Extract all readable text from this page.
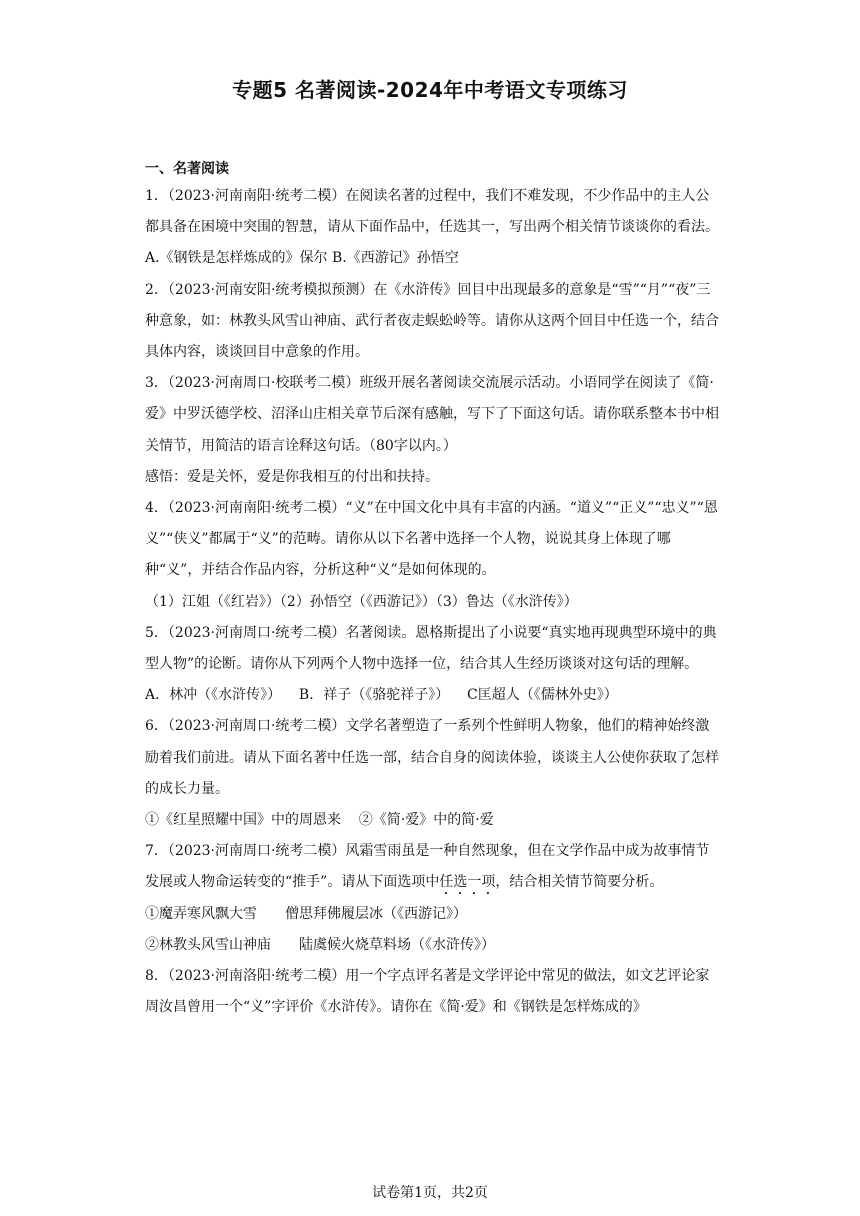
专题5 名著阅读-2024年中考语文专项练习
一、名著阅读

1．（2023·河南南阳·统考二模）在阅读名著的过程中，我们不难发现，不少作品中的主人公都具备在困境中突围的智慧，请从下面作品中，任选其一，写出两个相关情节谈谈你的看法。

A.《钢铁是怎样炼成的》保尔 B.《西游记》孙悟空

2．（2023·河南安阳·统考模拟预测）在《水浒传》回目中出现最多的意象是“雪”“月”“夜”三种意象，如：林教头风雪山神庙、武行者夜走蜈蚣岭等。请你从这两个回目中任选一个，结合具体内容，谈谈回目中意象的作用。

3．（2023·河南周口·校联考二模）班级开展名著阅读交流展示活动。小语同学在阅读了《简·爱》中罗沃德学校、沼泽山庄相关章节后深有感触，写下了下面这句话。请你联系整本书中相关情节，用简洁的语言诠释这句话。（80字以内。）

感悟：爱是关怀，爱是你我相互的付出和扶持。

4．（2023·河南南阳·统考二模）“义”在中国文化中具有丰富的内涵。“道义”“正义”“忠义”“恩义”“侠义”都属于“义”的范畴。请你从以下名著中选择一个人物，说说其身上体现了哪种“义”，并结合作品内容，分析这种“义”是如何体现的。

（1）江姐（《红岩》）（2）孙悟空（《西游记》）（3）鲁达（《水浒传》）

5．（2023·河南周口·统考二模）名著阅读。恩格斯提出了小说要“真实地再现典型环境中的典型人物”的论断。请你从下列两个人物中选择一位，结合其人生经历谈谈对这句话的理解。

A．林冲（《水浒传》）    B．祥子（《骆驼祥子》）    C匡超人（《儒林外史》）

6．（2023·河南周口·统考二模）文学名著塑造了一系列个性鲜明人物象，他们的精神始终激励着我们前进。请从下面名著中任选一部，结合自身的阅读体验，谈谈主人公使你获取了怎样的成长力量。

①《红星照耀中国》中的周恩来    ②《简·爱》中的简·爱

7．（2023·河南周口·统考二模）风霜雪雨虽是一种自然现象，但在文学作品中成为故事情节发展或人物命运转变的“推手”。请从下面选项中任选一项，结合相关情节简要分析。

①魔弄寒风飘大雪 僧思拜佛履层冰（《西游记》）

②林教头风雪山神庙 陆虞候火烧草料场（《水浒传》）

8．（2023·河南洛阳·统考二模）用一个字点评名著是文学评论中常见的做法，如文艺评论家周汝昌曾用一个“义”字评价《水浒传》。请你在《简·爱》和《钢铁是怎样炼成的》

试卷第1页，共2页
